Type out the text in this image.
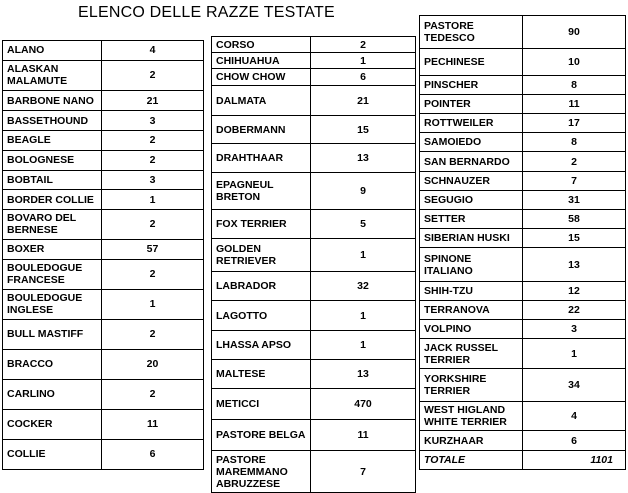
ELENCO DELLE RAZZE TESTATE
ALANO	4
ALASKAN MALAMUTE	2
BARBONE NANO	21
BASSETHOUND	3
BEAGLE	2
BOLOGNESE	2
BOBTAIL	3
BORDER COLLIE	1
BOVARO DEL BERNESE	2
BOXER	57
BOULEDOGUE FRANCESE	2
BOULEDOGUE INGLESE	1
BULL MASTIFF	2
BRACCO	20
CARLINO	2
COCKER	11
COLLIE	6
CORSO	2
CHIHUAHUA	1
CHOW CHOW	6
DALMATA	21
DOBERMANN	15
DRAHTHAAR	13
EPAGNEUL BRETON	9
FOX TERRIER	5
GOLDEN RETRIEVER	1
LABRADOR	32
LAGOTTO	1
LHASSA APSO	1
MALTESE	13
METICCI	470
PASTORE BELGA	11
PASTORE MAREMMANO ABRUZZESE	7
PASTORE TEDESCO	90
PECHINESE	10
PINSCHER	8
POINTER	11
ROTTWEILER	17
SAMOIEDO	8
SAN BERNARDO	2
SCHNAUZER	7
SEGUGIO	31
SETTER	58
SIBERIAN HUSKI	15
SPINONE ITALIANO	13
SHIH-TZU	12
TERRANOVA	22
VOLPINO	3
JACK RUSSEL TERRIER	1
YORKSHIRE TERRIER	34
WEST HIGLAND WHITE TERRIER	4
KURZHAAR	6
TOTALE	1101
